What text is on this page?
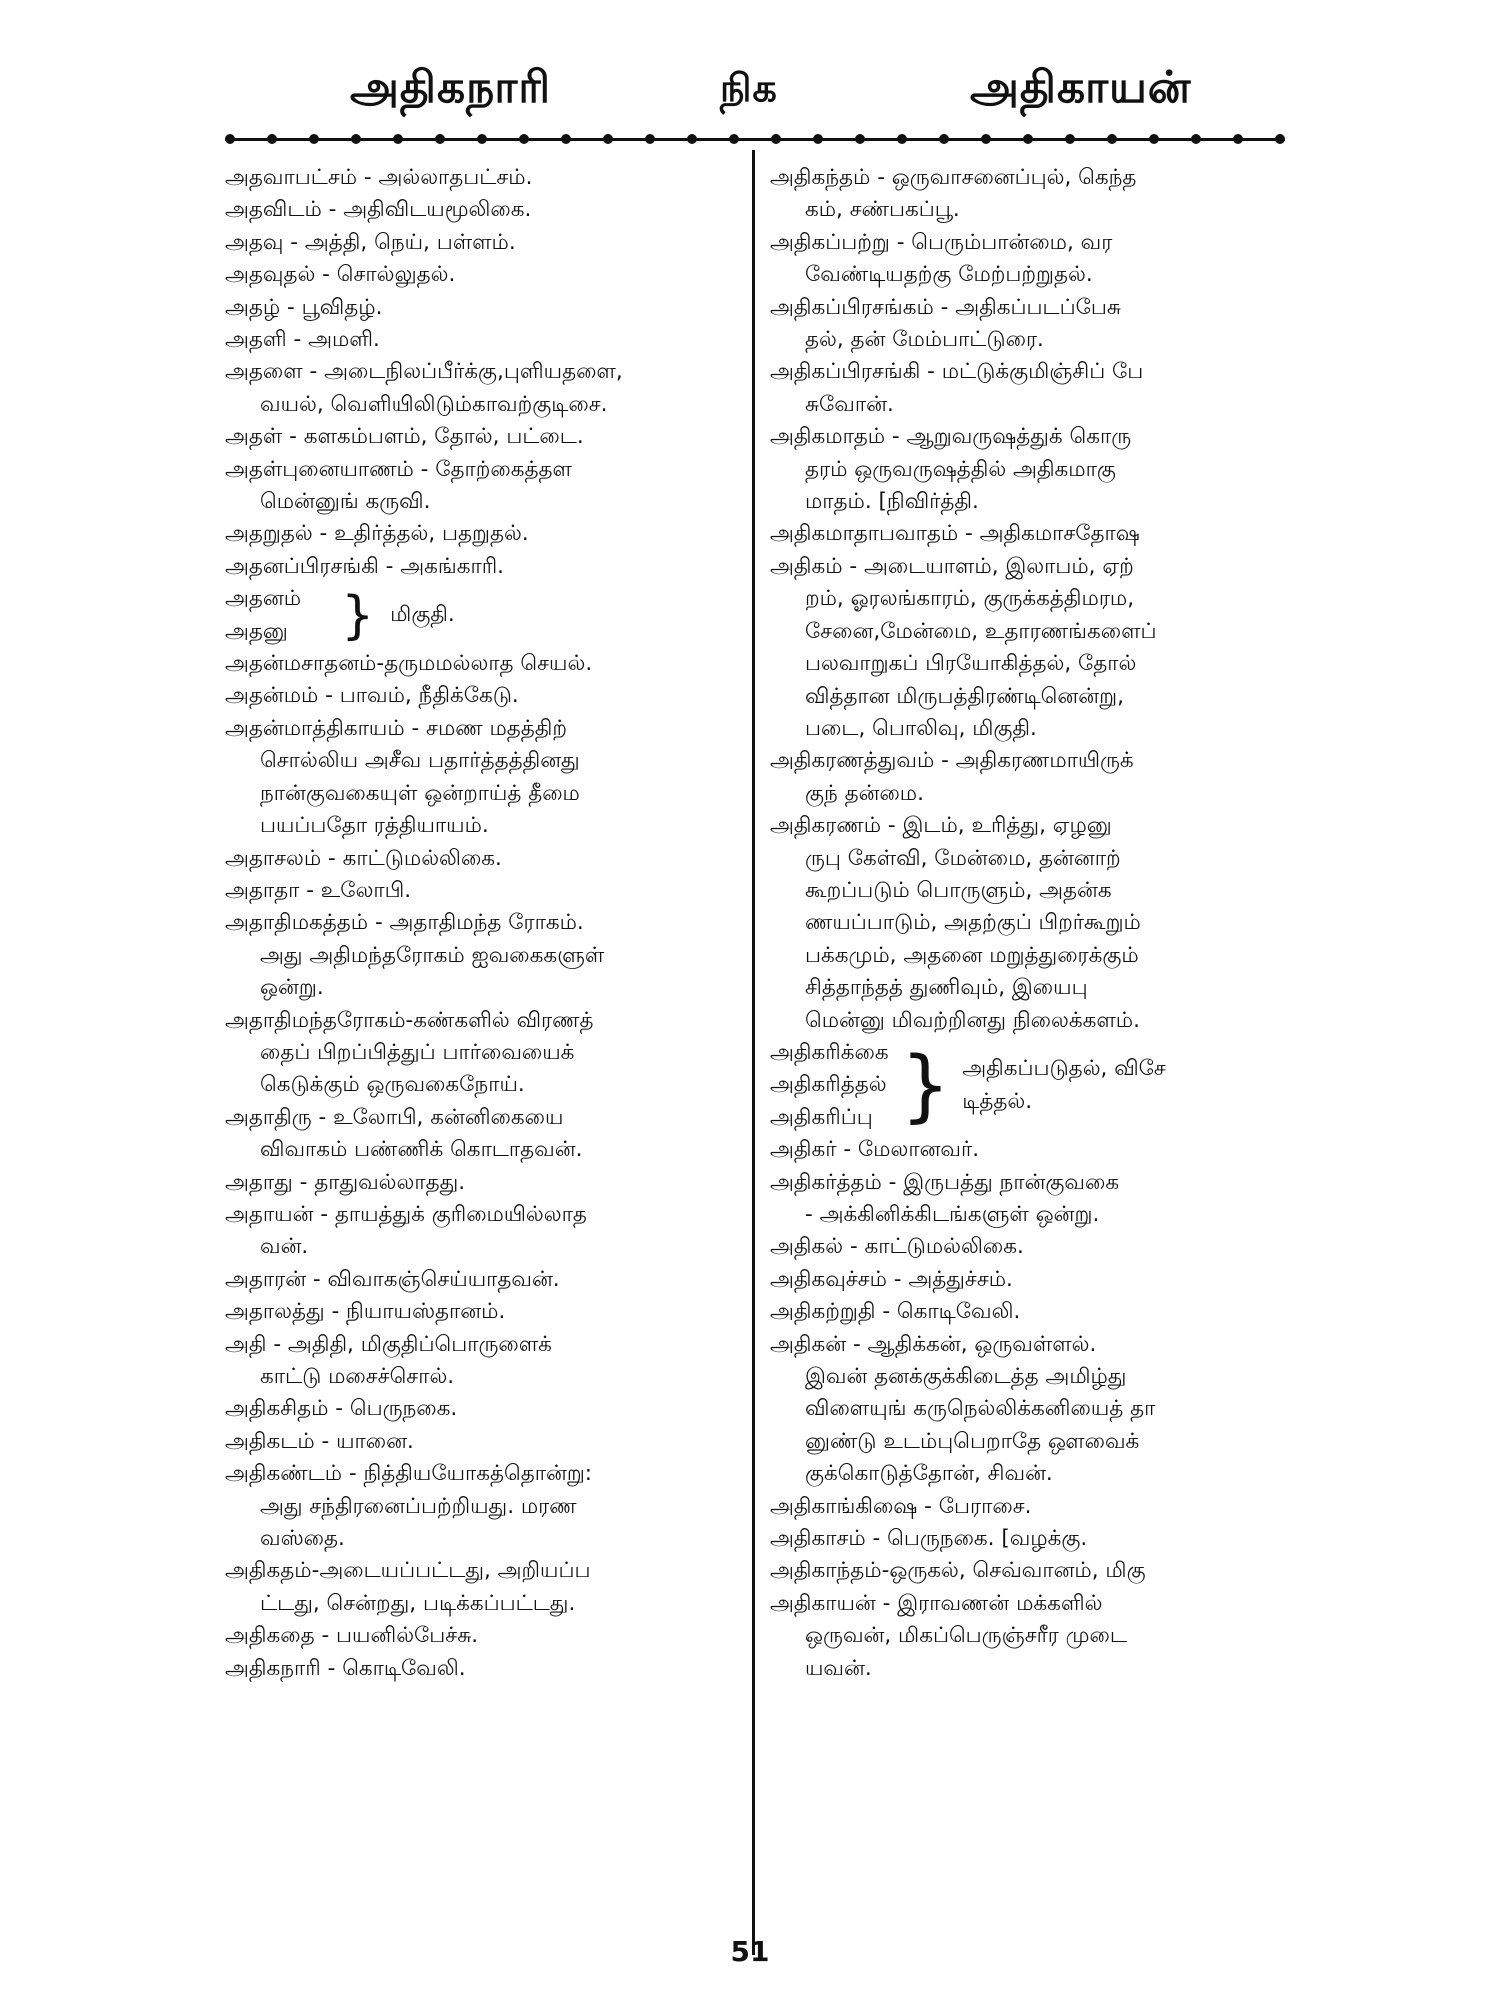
அதிகநாரி	நிக	அதிகாயன்
அதவாபட்சம் - அல்லாதபட்சம்.
அதவிடம் - அதிவிடயமூலிகை.
அதவு - அத்தி, நெய், பள்ளம்.
அதவுதல் - சொல்லுதல்.
அதழ் - பூவிதழ்.
அதளி - அமளி.
அதளை - அடைநிலப்பீர்க்கு,புளியதளை,
வயல், வெளியிலிடும்காவற்குடிசை.
அதள் - களகம்பளம், தோல், பட்டை.
அதள்புனையாணம் - தோற்கைத்தள
மென்னுங் கருவி.
அதறுதல் - உதிர்த்தல், பதறுதல்.
அதனப்பிரசங்கி - அகங்காரி.
அதனம்
அதனு } மிகுதி.
அதன்மசாதனம்-தருமமல்லாத செயல்.
அதன்மம் - பாவம், நீதிக்கேடு.
அதன்மாத்திகாயம் - சமண மதத்திற்
சொல்லிய அசீவ பதார்த்தத்தினது
நான்குவகையுள் ஒன்றாய்த் தீமை
பயப்பதோ ரத்தியாயம்.
அதாசலம் - காட்டுமல்லிகை.
அதாதா - உலோபி.
அதாதிமகத்தம் - அதாதிமந்த ரோகம்.
அது அதிமந்தரோகம் ஐவகைகளுள்
ஒன்று.
அதாதிமந்தரோகம்-கண்களில் விரணத்
தைப் பிறப்பித்துப் பார்வையைக்
கெடுக்கும் ஒருவகைநோய்.
அதாதிரு - உலோபி, கன்னிகையை
விவாகம் பண்ணிக் கொடாதவன்.
அதாது - தாதுவல்லாதது.
அதாயன் - தாயத்துக் குரிமையில்லாத
வன்.
அதாரன் - விவாகஞ்செய்யாதவன்.
அதாலத்து - நியாயஸ்தானம்.
அதி - அதிதி, மிகுதிப்பொருளைக்
காட்டு மசைச்சொல்.
அதிகசிதம் - பெருநகை.
அதிகடம் - யானை.
அதிகண்டம் - நித்தியயோகத்தொன்று:
அது சந்திரனைப்பற்றியது. மரண
வஸ்தை.
அதிகதம்-அடையப்பட்டது, அறியப்ப
ட்டது, சென்றது, படிக்கப்பட்டது.
அதிகதை - பயனில்பேச்சு.
அதிகநாரி - கொடிவேலி.
அதிகந்தம் - ஒருவாசனைப்புல், கெந்த
கம், சண்பகப்பூ.
அதிகப்பற்று - பெரும்பான்மை, வர
வேண்டியதற்கு மேற்பற்றுதல்.
அதிகப்பிரசங்கம் - அதிகப்படப்பேசு
தல், தன் மேம்பாட்டுரை.
அதிகப்பிரசங்கி - மட்டுக்குமிஞ்சிப் பே
சுவோன்.
அதிகமாதம் - ஆறுவருஷத்துக் கொரு
தரம் ஒருவருஷத்தில் அதிகமாகு
மாதம். [நிவிர்த்தி.
அதிகமாதாபவாதம் - அதிகமாசதோஷ
அதிகம் - அடையாளம், இலாபம், ஏற்
றம், ஓரலங்காரம், குருக்கத்திமரம,
சேனை,மேன்மை, உதாரணங்களைப்
பலவாறுகப் பிரயோகித்தல், தோல்
வித்தான மிருபத்திரண்டினென்று,
படை, பொலிவு, மிகுதி.
அதிகரணத்துவம் - அதிகரணமாயிருக்
குந் தன்மை.
அதிகரணம் - இடம், உரித்து, ஏழனு
ருபு கேள்வி, மேன்மை, தன்னாற்
கூறப்படும் பொருளும், அதன்க
ணயப்பாடும், அதற்குப் பிறர்கூறும்
பக்கமும், அதனை மறுத்துரைக்கும்
சித்தாந்தத் துணிவும், இயைபு
மென்னு மிவற்றினது நிலைக்களம்.
அதிகரிக்கை
அதிகரித்தல்
அதிகரிப்பு } அதிகப்படுதல், விசே
டித்தல்.
அதிகர் - மேலானவர்.
அதிகர்த்தம் - இருபத்து நான்குவகை
- அக்கினிக்கிடங்களுள் ஒன்று.
அதிகல் - காட்டுமல்லிகை.
அதிகவுச்சம் - அத்துச்சம்.
அதிகற்றுதி - கொடிவேலி.
அதிகன் - ஆதிக்கன், ஒருவள்ளல்.
இவன் தனக்குக்கிடைத்த அமிழ்து
விளையுங் கருநெல்லிக்கனியைத் தா
னுண்டு உடம்புபெறாதே ஔவைக்
குக்கொடுத்தோன், சிவன்.
அதிகாங்கிஷை - பேராசை.
அதிகாசம் - பெருநகை. [வழக்கு.
அதிகாந்தம்-ஒருகல், செவ்வானம், மிகு
அதிகாயன் - இராவணன் மக்களில்
ஒருவன், மிகப்பெருஞ்சரீர முடை
யவன்.
51
